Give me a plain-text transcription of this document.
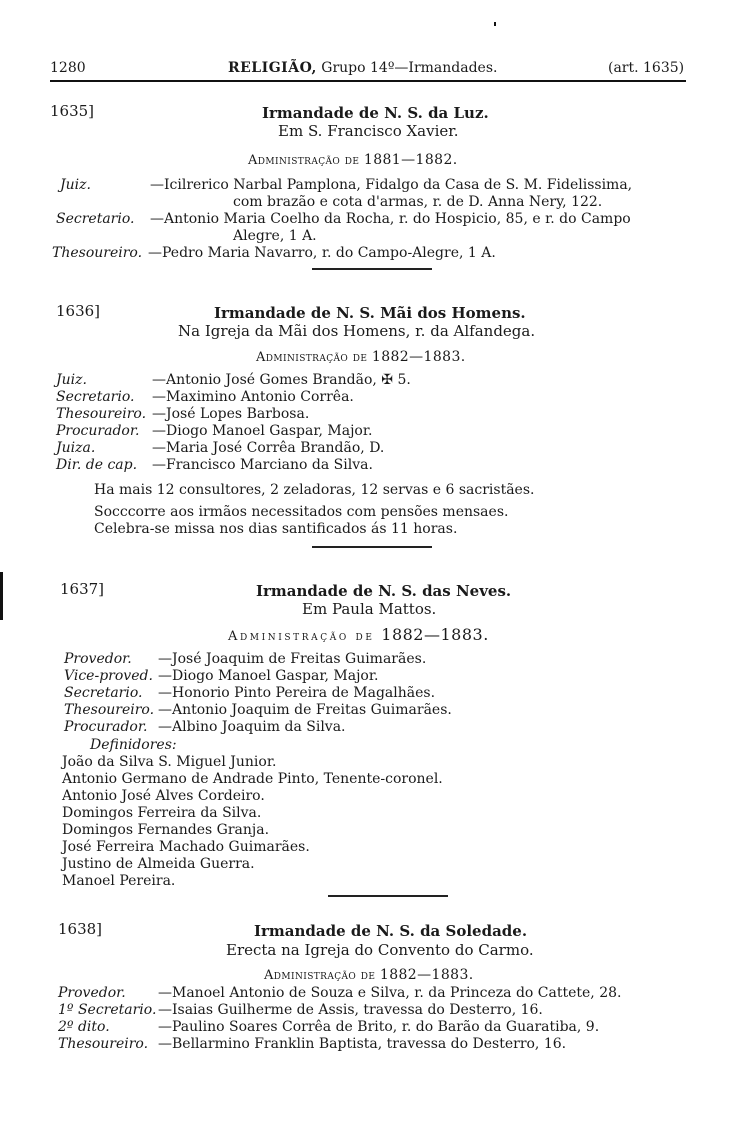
1280	RELIGIÃO, Grupo 14º—Irmandades.	(art. 1635)
1635]	Irmandade de N. S. da Luz.
Em S. Francisco Xavier.
Administração de 1881—1882.
Juiz.	—Icilrerico Narbal Pamplona, Fidalgo da Casa de S. M. Fidelissima,
com brazão e cota d'armas, r. de D. Anna Nery, 122.
Secretario. —Antonio Maria Coelho da Rocha, r. do Hospicio, 85, e r. do Campo
Alegre, 1 A.
Thesoureiro. —Pedro Maria Navarro, r. do Campo-Alegre, 1 A.
1636]	Irmandade de N. S. Mãi dos Homens.
Na Igreja da Mãi dos Homens, r. da Alfandega.
Administração de 1882—1883.
Juiz.	—Antonio José Gomes Brandão, ✠ 5.
Secretario. —Maximino Antonio Corrêa.
Thesoureiro. —José Lopes Barbosa.
Procurador. —Diogo Manoel Gaspar, Major.
Juiza.	—Maria José Corrêa Brandão, D.
Dir. de cap. —Francisco Marciano da Silva.
Ha mais 12 consultores, 2 zeladoras, 12 servas e 6 sacristães.
Socccorre aos irmãos necessitados com pensões mensaes.
Celebra-se missa nos dias santificados ás 11 horas.
1637]	Irmandade de N. S. das Neves.
Em Paula Mattos.
Administração de 1882—1883.
Provedor. —José Joaquim de Freitas Guimarães.
Vice-proved. —Diogo Manoel Gaspar, Major.
Secretario. —Honorio Pinto Pereira de Magalhães.
Thesoureiro. —Antonio Joaquim de Freitas Guimarães.
Procurador. —Albino Joaquim da Silva.
Definidores:
João da Silva S. Miguel Junior.
Antonio Germano de Andrade Pinto, Tenente-coronel.
Antonio José Alves Cordeiro.
Domingos Ferreira da Silva.
Domingos Fernandes Granja.
José Ferreira Machado Guimarães.
Justino de Almeida Guerra.
Manoel Pereira.
1638]	Irmandade de N. S. da Soledade.
Erecta na Igreja do Convento do Carmo.
Administração de 1882—1883.
Provedor. —Manoel Antonio de Souza e Silva, r. da Princeza do Cattete, 28.
1º Secretario. —Isaias Guilherme de Assis, travessa do Desterro, 16.
2º dito.	—Paulino Soares Corrêa de Brito, r. do Barão da Guaratiba, 9.
Thesoureiro. —Bellarmino Franklin Baptista, travessa do Desterro, 16.
